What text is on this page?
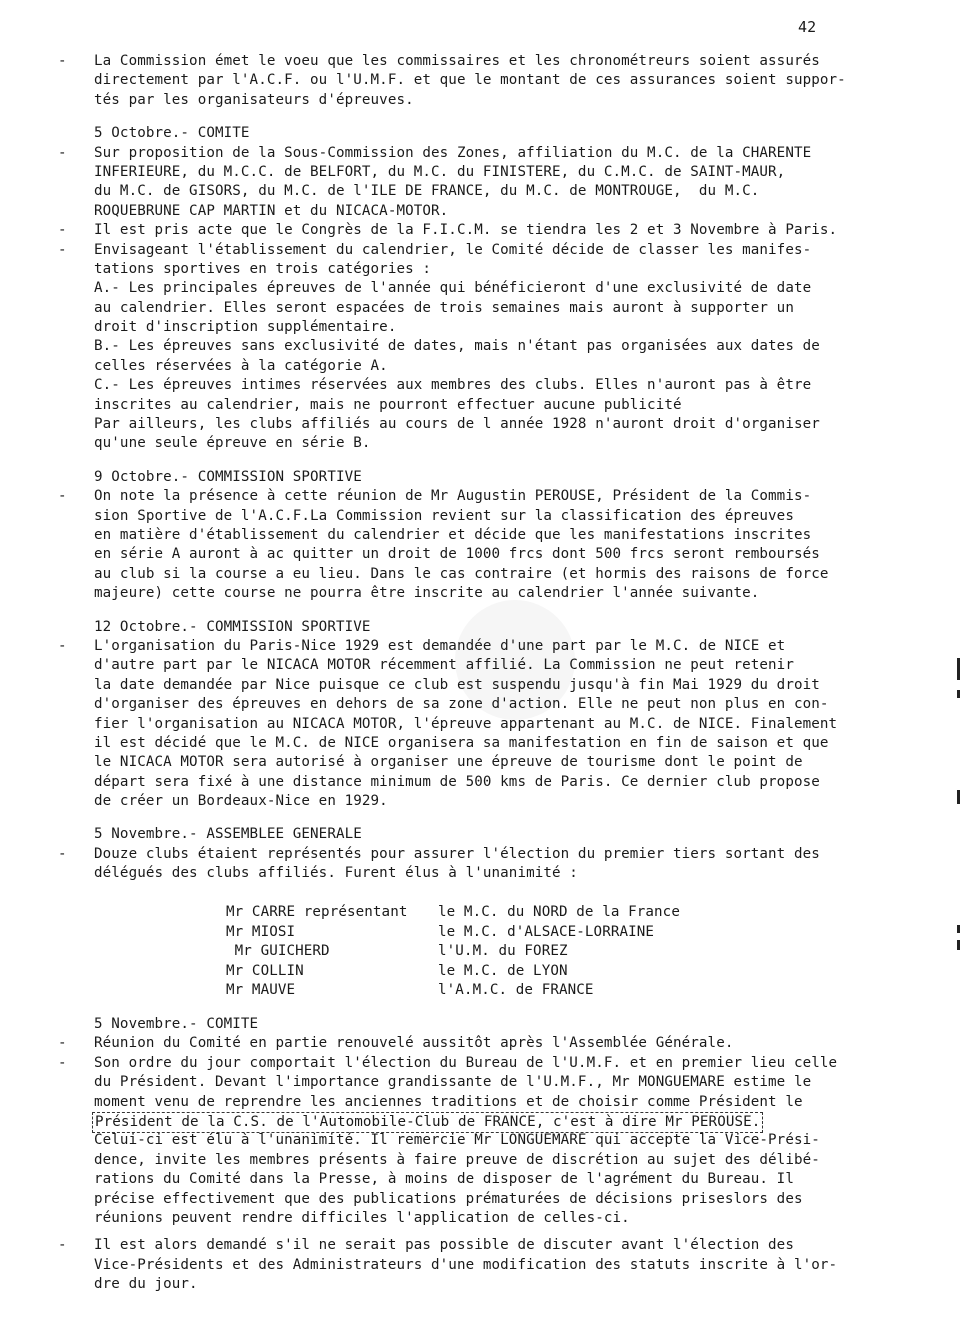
42
- La Commission émet le voeu que les commissaires et les chronométreurs soient assurés
directement par l'A.C.F. ou l'U.M.F. et que le montant de ces assurances soient suppor-
tés par les organisateurs d'épreuves.
5 Octobre.- COMITE
- Sur proposition de la Sous-Commission des Zones, affiliation du M.C. de la CHARENTE
INFERIEURE, du M.C.C. de BELFORT, du M.C. du FINISTERE, du C.M.C. de SAINT-MAUR,
du M.C. de GISORS, du M.C. de l'ILE DE FRANCE, du M.C. de MONTROUGE,  du M.C.
ROQUEBRUNE CAP MARTIN et du NICACA-MOTOR.
- Il est pris acte que le Congrès de la F.I.C.M. se tiendra les 2 et 3 Novembre à Paris.
- Envisageant l'établissement du calendrier, le Comité décide de classer les manifes-
tations sportives en trois catégories :
A.- Les principales épreuves de l'année qui bénéficieront d'une exclusivité de date
au calendrier. Elles seront espacées de trois semaines mais auront à supporter un
droit d'inscription supplémentaire.
B.- Les épreuves sans exclusivité de dates, mais n'étant pas organisées aux dates de
celles réservées à la catégorie A.
C.- Les épreuves intimes réservées aux membres des clubs. Elles n'auront pas à être
inscrites au calendrier, mais ne pourront effectuer aucune publicité
Par ailleurs, les clubs affiliés au cours de l année 1928 n'auront droit d'organiser
qu'une seule épreuve en série B.
9 Octobre.- COMMISSION SPORTIVE
- On note la présence à cette réunion de Mr Augustin PEROUSE, Président de la Commis-
sion Sportive de l'A.C.F.La Commission revient sur la classification des épreuves
en matière d'établissement du calendrier et décide que les manifestations inscrites
en série A auront à ac quitter un droit de 1000 frcs dont 500 frcs seront remboursés
au club si la course a eu lieu. Dans le cas contraire (et hormis des raisons de force
majeure) cette course ne pourra être inscrite au calendrier l'année suivante.
12 Octobre.- COMMISSION SPORTIVE
- L'organisation du Paris-Nice 1929 est demandée d'une part par le M.C. de NICE et
d'autre part par le NICACA MOTOR récemment affilié. La Commission ne peut retenir
la date demandée par Nice puisque ce club est suspendu jusqu'à fin Mai 1929 du droit
d'organiser des épreuves en dehors de sa zone d'action. Elle ne peut non plus en con-
fier l'organisation au NICACA MOTOR, l'épreuve appartenant au M.C. de NICE. Finalement
il est décidé que le M.C. de NICE organisera sa manifestation en fin de saison et que
le NICACA MOTOR sera autorisé à organiser une épreuve de tourisme dont le point de
départ sera fixé à une distance minimum de 500 kms de Paris. Ce dernier club propose
de créer un Bordeaux-Nice en 1929.
5 Novembre.- ASSEMBLEE GENERALE
- Douze clubs étaient représentés pour assurer l'élection du premier tiers sortant des
délégués des clubs affiliés. Furent élus à l'unanimité :
Mr CARRE représentant le M.C. du NORD de la France
Mr MIOSI	le M.C. d'ALSACE-LORRAINE
Mr GUICHERD	l'U.M. du FOREZ
Mr COLLIN	le M.C. de LYON
Mr MAUVE	l'A.M.C. de FRANCE
5 Novembre.- COMITE
- Réunion du Comité en partie renouvelé aussitôt après l'Assemblée Générale.
- Son ordre du jour comportait l'élection du Bureau de l'U.M.F. et en premier lieu celle
du Président. Devant l'importance grandissante de l'U.M.F., Mr MONGUEMARE estime le
moment venu de reprendre les anciennes traditions et de choisir comme Président le
Président de la C.S. de l'Automobile-Club de FRANCE, c'est à dire Mr PEROUSE.
Celui-ci est élu à l'unanimité. Il remercie Mr LONGUEMARE qui accepte la Vice-Prési-
dence, invite les membres présents à faire preuve de discrétion au sujet des délibé-
rations du Comité dans la Presse, à moins de disposer de l'agrément du Bureau. Il
précise effectivement que des publications prématurées de décisions priseslors des
réunions peuvent rendre difficiles l'application de celles-ci.
- Il est alors demandé s'il ne serait pas possible de discuter avant l'élection des
Vice-Présidents et des Administrateurs d'une modification des statuts inscrite à l'or-
dre du jour.
